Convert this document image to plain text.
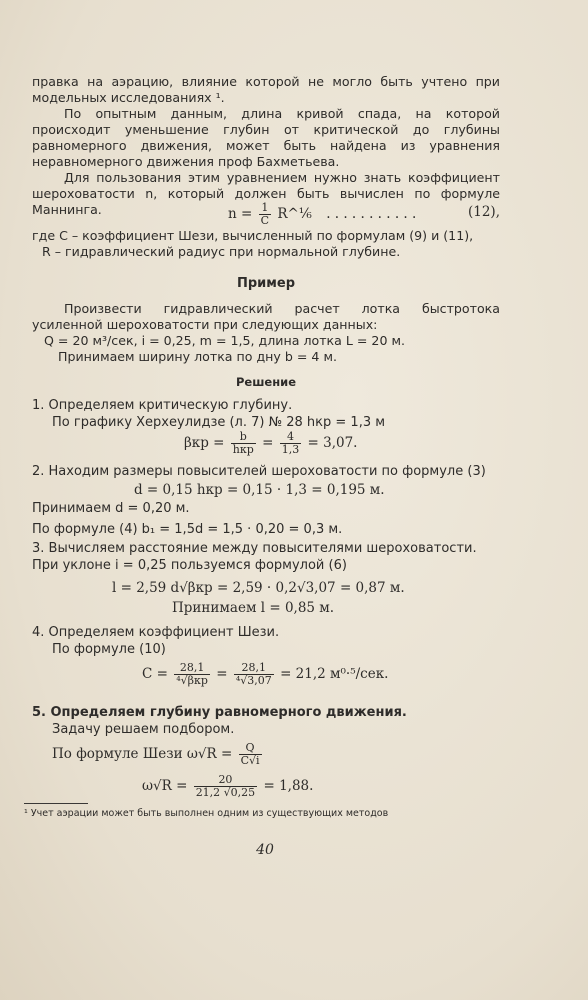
правка на аэрацию, влияние которой не могло быть учтено при модельных исследованиях ¹.

По опытным данным, длина кривой спада, на которой происходит уменьшение глубин от критической до глубины равномерного движения, может быть найдена из уравнения неравномерного движения проф Бахметьева.

Для пользования этим уравнением нужно знать коэффициент шероховатости n, который должен быть вычислен по формуле Маннинга.	$n = \frac{1}{C}$ R^⅙ . . . . . . . . . . .	(12),

где C – коэффициент Шези, вычисленный по формулам (9) и (11),

R – гидравлический радиус при нормальной глубине.

Пример

Произвести гидравлический расчет лотка быстротока усиленной шероховатости при следующих данных:

Q = 20 м³/сек, i = 0,25, m = 1,5, длина лотка L = 20 м.

Принимаем ширину лотка по дну b = 4 м.

Решение

1. Определяем критическую глубину.

По графику Херхеулидзе (л. 7) № 28 hкр = 1,3 м

$\beta кр = \frac{b}{\text{hкр}} = \frac{4}{1,3} = 3,07$.

2. Находим размеры повысителей шероховатости по формуле (3)

d = 0,15 hкр = 0,15 · 1,3 = 0,195 м.

Принимаем d = 0,20 м.

По формуле (4) b₁ = 1,5d = 1,5 · 0,20 = 0,3 м.

3. Вычисляем расстояние между повысителями шероховатости.

При уклоне i = 0,25 пользуемся формулой (6)

l = 2,59 d√βкр = 2,59 · 0,2√3,07 = 0,87 м.
Принимаем l = 0,85 м.

4. Определяем коэффициент Шези.

По формуле (10)

$C = \frac{28,1}{\text{⁴√βкр}} = \frac{28,1}{\text{⁴√3,07}} = 21,2$ м⁰·⁵/сек.

5. Определяем глубину равномерного движения.

Задачу решаем подбором.

По формуле Шези $\omega√R = \frac{Q}{C√i}$
$\omega√R = \frac{20}{21,2 √0,25} = 1,88$.
¹ Учет аэрации может быть выполнен одним из существующих методов
40
